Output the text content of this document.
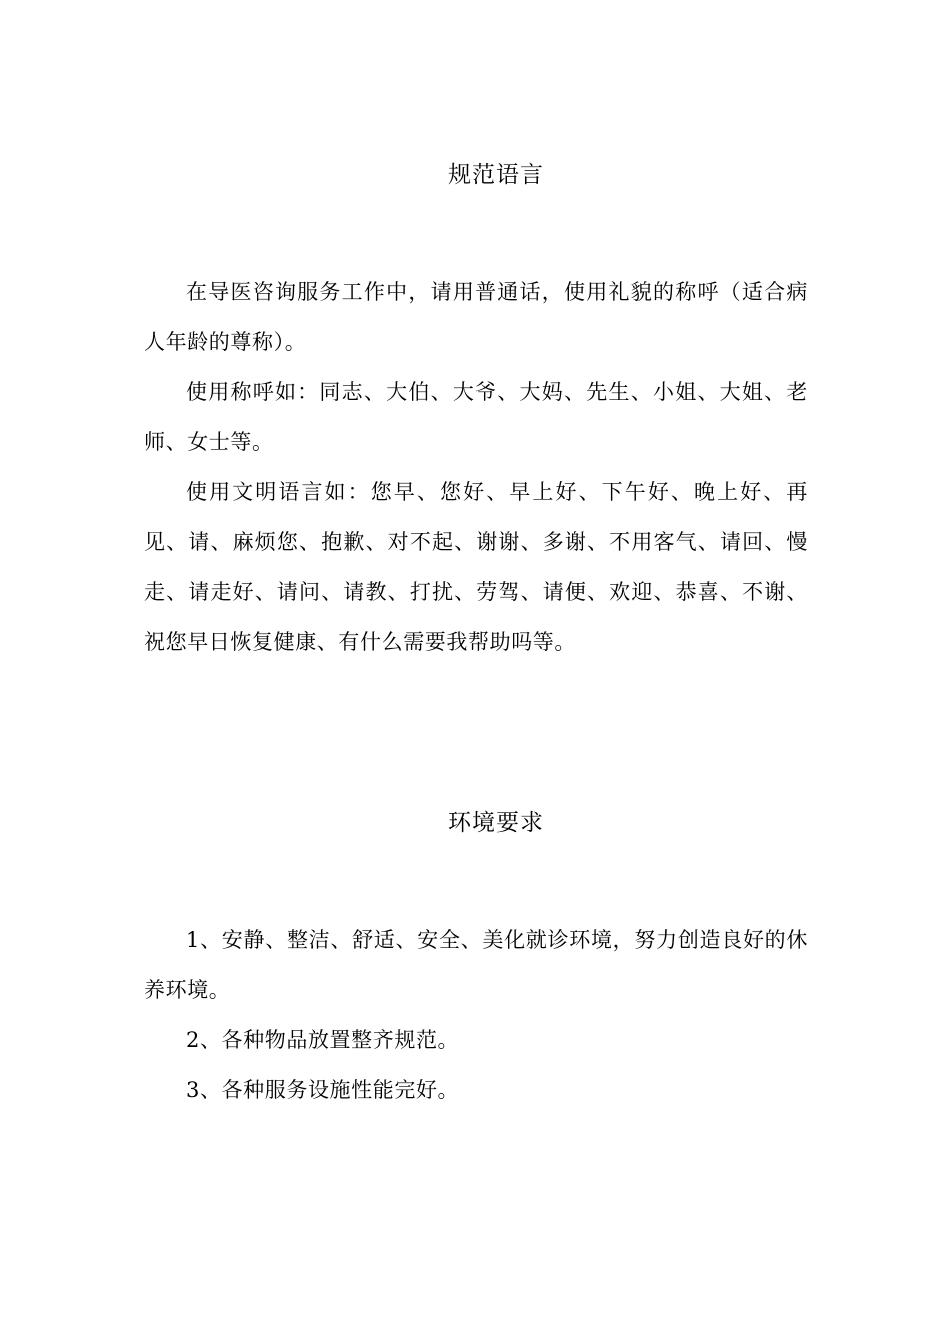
规范语言

在导医咨询服务工作中，请用普通话，使用礼貌的称呼（适合病人年龄的尊称）。

使用称呼如：同志、大伯、大爷、大妈、先生、小姐、大姐、老师、女士等。

使用文明语言如：您早、您好、早上好、下午好、晚上好、再见、请、麻烦您、抱歉、对不起、谢谢、多谢、不用客气、请回、慢走、请走好、请问、请教、打扰、劳驾、请便、欢迎、恭喜、不谢、祝您早日恢复健康、有什么需要我帮助吗等。

环境要求

1、安静、整洁、舒适、安全、美化就诊环境，努力创造良好的休养环境。

2、各种物品放置整齐规范。

3、各种服务设施性能完好。
